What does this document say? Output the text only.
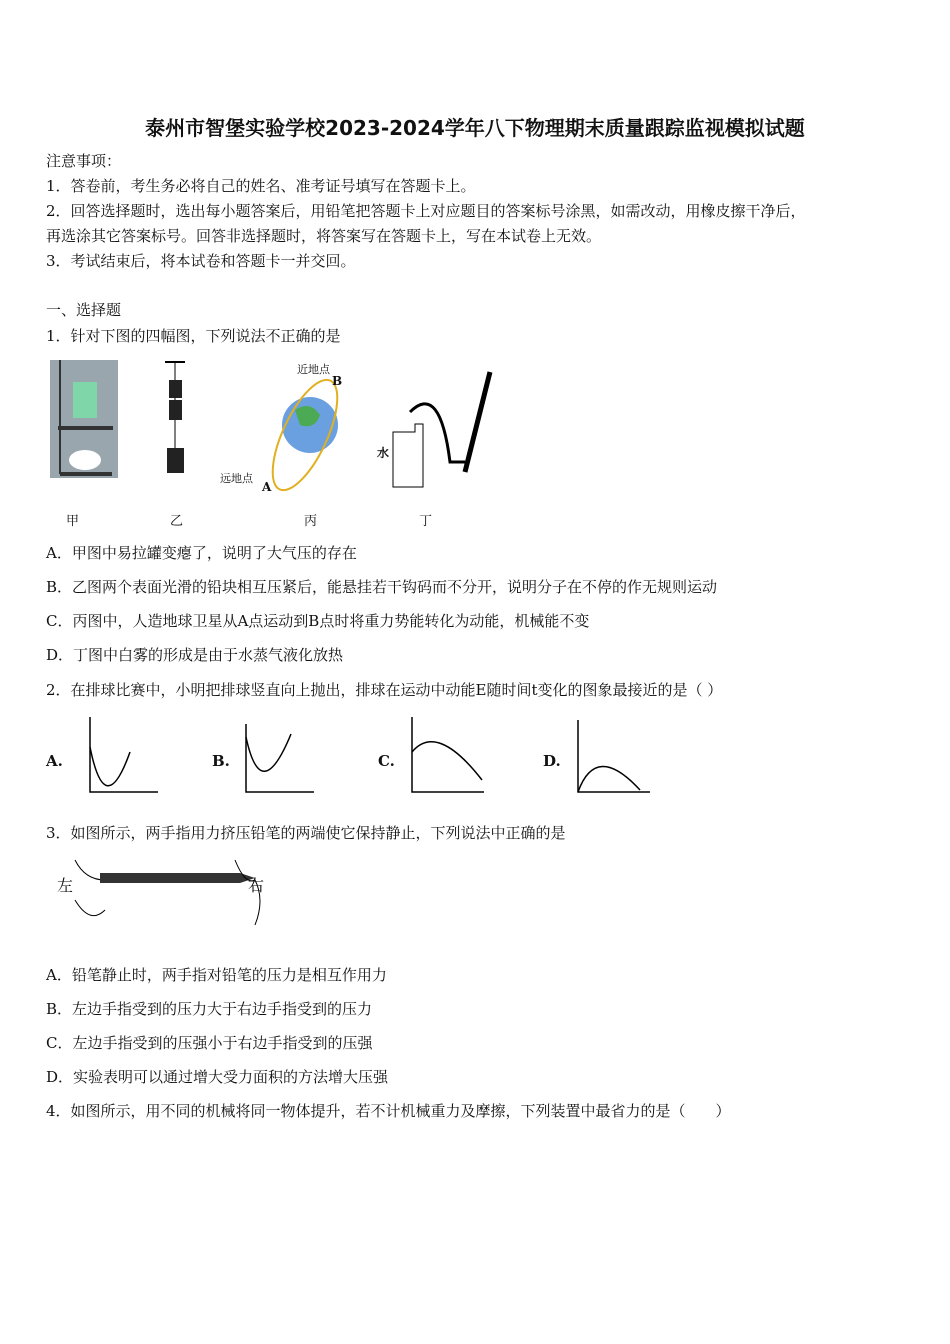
泰州市智堡实验学校2023-2024学年八下物理期末质量跟踪监视模拟试题
注意事项：
1．答卷前，考生务必将自己的姓名、准考证号填写在答题卡上。
2．回答选择题时，选出每小题答案后，用铅笔把答题卡上对应题目的答案标号涂黑，如需改动，用橡皮擦干净后，
再选涂其它答案标号。回答非选择题时，将答案写在答题卡上，写在本试卷上无效。
3．考试结束后，将本试卷和答题卡一并交回。
一、选择题
1．针对下图的四幅图，下列说法不正确的是
近地点
B
远地点
A
水
甲	乙	丙	丁
A．甲图中易拉罐变瘪了，说明了大气压的存在
B．乙图两个表面光滑的铅块相互压紧后，能悬挂若干钩码而不分开，说明分子在不停的作无规则运动
C．丙图中，人造地球卫星从A点运动到B点时将重力势能转化为动能，机械能不变
D．丁图中白雾的形成是由于水蒸气液化放热
2．在排球比赛中，小明把排球竖直向上抛出，排球在运动中动能E随时间t变化的图象最接近的是（ ）
A.	B.	C.	D.
3．如图所示，两手指用力挤压铅笔的两端使它保持静止，下列说法中正确的是
左	右
A．铅笔静止时，两手指对铅笔的压力是相互作用力
B．左边手指受到的压力大于右边手指受到的压力
C．左边手指受到的压强小于右边手指受到的压强
D．实验表明可以通过增大受力面积的方法增大压强
4．如图所示，用不同的机械将同一物体提升，若不计机械重力及摩擦，下列装置中最省力的是（　　）
